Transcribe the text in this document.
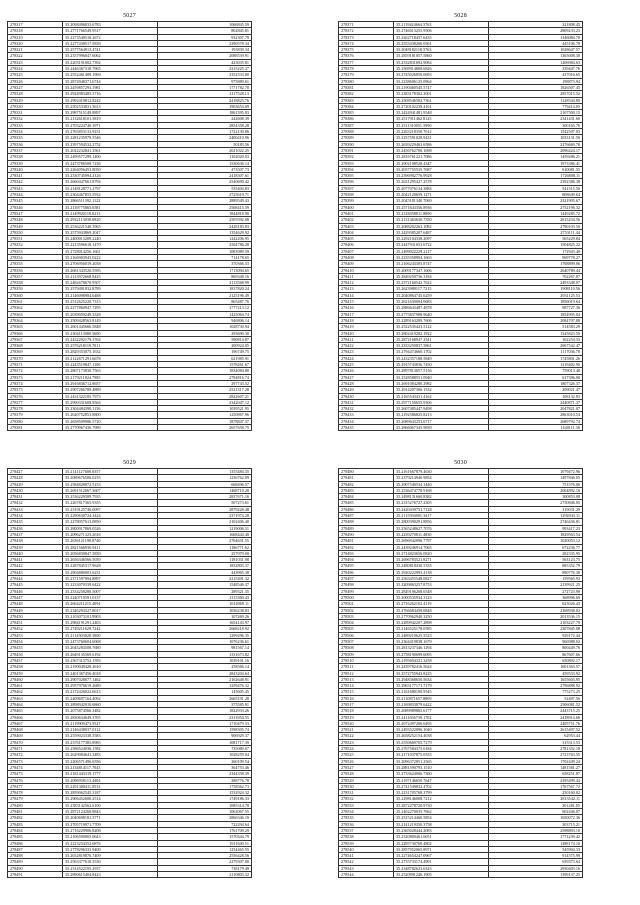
5027
278317	35.2098496833.6783	1066845.59
278318	35.2771766549.9517	802845.81
278319	35.2273540518.2672	932307.79
278320	35.2277438517.5839	2290578.34
278321	35.2577564913.4741	193839.34
278322	35.2357996047.6062	2088539.91
278323	35.2203191002.7392	423035.81
278324	35.2446367318.7965	2315225.37
278325	35.2552461489.1969	2352533.80
278326	35.2874948371.6744	975889.61
278327	35.2459857293.1981	1771782.70
278328	35.2924983485.3716	2117528.13
278329	35.2992419812.8242	2418825.76
278330	35.2502533831.3613	1903654.09
278331	35.2987515149.8897	1861595.03
278332	35.2132618101.3819	242608.39
278333	35.2703224740.3971	2854358.28
278334	35.2765853133.9231	1722130.86
278335	35.2281235979.5546	2400410.96
278336	35.2397594532.2752	50183.56
278337	35.2022232841.3561	2021022.25
278338	35.2499577299.1400	1102020.03
278339	35.2473786508.7236	1530636.14
278340	35.2264056453.8050	473507.73
278341	35.2330745994.2126	2418307.61
278342	35.2660447661.8794	2540690.42
278343	35.2148128771.2797	535404.83
278344	35.2304467855.5932	2725619.71
278345	35.2866511392.1122	2889549.43
278346	35.2139775865.6581	2568415.59
278347	35.2149920118.0213	1844818.90
278348	35.2932113038.6920	2505592.08
278349	35.2536221540.3965	2428183.93
278350	35.2575943869.2047	1354629.92
278351	35.2400013209.2240	1242206.95
278352	35.2213596618.1470	2504786.28
278353	35.2728014256.1661	1083989.59
278354	35.2166903943.0222	714178.65
278355	35.2706956019.2038	370366.33
278356	35.2681343520.5595	1713094.65
278357	35.2123972668.8425	869348.16
278358	35.2482678670.9507	2113568.99
278359	35.2579491832.8789	1837820.24
278360	35.2146098984.6488	2125196.49
278361	35.2512625220.7315	865487.76
278362	35.2277860947.7295	1777213.12
278363	35.2039059249.3328	1425064.74
278364	35.2509428563.8149	946806.14
278365	35.2601445666.5848	1028730.94
278366	35.2304113980.5600	293690.30
278367	35.2432292179.3764	590814.87
278368	35.2576218119.7011	200924.05
278369	35.2829353075.1632	196749.75
278370	35.2122671291.6678	621985.91
278371	35.2243519847.1106	1578261.67
278372	35.2867173830.7563	1834084.80
278373	35.2179211824.7985	2794816.74
278374	35.2916836712.8657	297743.52
278375	35.2907266789.4889	2521317.28
278376	35.2431322185.7973	2822607.21
278377	35.2990331608.9564	2342047.12
278378	35.2304484390.1156	1039521.95
278379	35.2620752853.8800	1250867.96
278380	35.2658509986.5720	1878847.37
278381	35.2770967430.7989	2657658.75
5028
278371	35.2119424664.5763	321808.45
278372	35.2746013255.9506	2809233.23
278373	35.2262718437.6435	1346084.70
278374	35.2553438260.0561	445106.79
278375	35.2048182118.5763	1028647.57
278376	35.2859181057.5860	1365008.30
278377	35.2532831692.9084	1206984.63
278378	35.2569914808.6826	339447.76
278379	35.2745026859.0693	437016.65
278380	35.2238606125.0964	198873.94
278381	35.2190460545.5747	1826507.45
278382	35.2383178362.2001	2857015.52
278383	35.2508546582.7361	1128544.80
278384	35.2720102239.4161	779414.05
278385	35.2424941481.9548	2107500.15
278386	35.2517911462.8125	2341431.60
278387	35.2511310051.5990	300165.76
278388	35.2263218350.7612	1542507.03
278389	35.2257591028.9431	1033131.50
278390	35.2639229463.6586	2276669.78
278391	35.2456762700.1698	2096424.17
278392	35.2816761221.7086	1459286.21
278393	35.2902108528.4347	1973386.41
278394	35.2057755535.7687	610081.55
278395	35.2396982776.9928	1726808.11
278396	35.2631295427.2578	2392386.38
278397	35.2077076134.3884	541315.50
278398	35.2042120659.1271	808649.64
278399	35.2045181340.7069	2321995.67
278400	35.2571643356.8936	2752196.32
278401	35.2318458811.8890	1449285.72
278402	35.2131463630.7350	2615234.56
278403	35.2088202263.1082	2790103.50
278404	35.2429385207.6487	2753111.44
278405	35.2292104338.2097	565229.84
278406	35.2447931053.6722	1504825.22
278407	35.2499022229.2127	172943.40
278408	35.2235358994.1663	969778.27
278409	35.2106243305.8747	1768899.06
278410	35.2009177347.1606	2640789.44
278411	35.2849250736.3184	702267.87
278412	35.2572160542.7622	2493348.07
278413	35.2623989117.7215	1908110.56
278414	35.2040864745.6259	2931125.53
278415	35.2621630094.0683	1856019.64
278416	35.2886643487.4878	987727.36
278417	35.2775837988.9640	1854995.04
278418	35.2289163289.7606	2084707.88
278419	35.2522535423.5122	514583.29
278420	35.2802419282.1922	1345823.50
278421	35.2872168947.2541	162254.33
278422	35.2333250837.5861	2067542.47
278423	35.2794474660.1702	1117036.78
278424	35.2432357188.5849	1745801.26
278425	35.2915743836.7450	1219402.90
278426	35.2897813057.5156	759013.48
278427	35.2528588551.0940	617396.00
278428	35.2691084280.2982	1807326.37
278429	35.2914207306.1532	209021.47
278430	35.2165543431.4162	108132.83
278431	35.2977150655.9306	2440871.37
278432	35.2607485447.9498	2047821.07
278433	35.2192586825.8213	2863010.54
278434	35.2089643253.6717	2689792.74
278435	35.2866067345.9839	1440111.36
5029
278427	35.2141127600.6557	1355484.35
278428	35.2089676506.0235	1236762.09
278429	35.2584828872.5153	668496.57
278430	35.2691512067.3607	1468710.28
278431	35.2536229589.7935	2837671.16
278432	35.2267817365.9355	507273.61
278433	35.2319125740.0097	2879228.48
278434	35.2290630724.3424	2371974.28
278435	35.2278057613.0850	2102406.40
278436	35.2800917869.0526	1219006.51
278437	35.2096271323.2616	1668444.40
278438	35.2636121198.8740	2764631.55
278439	35.2821566936.9411	1186771.62
278440	35.2056839847.5839	257979.00
278441	35.2656346566.5039	1181031.98
278442	35.2287845317.9628	1832803.37
278443	35.2904880003.6231	443965.38
278444	35.2371597094.8897	2215491.32
278445	35.2233070339.6422	1548546.37
278446	35.2334258280.5007	289321.35
278447	35.2240719591.0137	1315360.43
278448	35.2664211215.4094	1614969.11
278449	35.2346294327.8017	1036238.83
278450	35.2103073101.9903	107269.26
278451	35.2984191291.2463	1654143.97
278452	35.2749211629.7242	2668218.92
278453	35.2114503028.3900	1299296.35
278454	35.2473760604.6068	1076236.61
278455	35.2045283508.7680	981567.14
278456	35.2649135569.6192	1331673.82
278457	35.2567313752.1593	1039101.16
278458	35.2190049428.2610	258566.14
278459	35.2401367456.4018	2843204.64
278460	35.2907028077.1462	2162648.91
278461	35.2957976619.2689	1259476.32
278462	35.2172426022.6613	145605.45
278463	35.2409697164.4092	2665191.28
278464	35.2898942010.6860	375585.91
278465	35.2075874566.3482	1822933.26
278466	35.2830634649.3765	2313954.55
278467	35.2119909473.5527	1710479.53
278468	35.2146438037.0112	1598305.74
278469	35.2559023338.5583	906929.37
278470	35.2376177385.8985	1081717.39
278471	35.2586524036.1582	735089.07
278472	35.2629084641.3483	1028259.04
278473	35.2206571496.6556	260109.54
278474	35.2134814117.7043	364753.46
278475	35.2181443319.1777	2344358.39
278476	35.2096958113.4404	288776.78
278477	35.2291300411.0532	1758562.73
278478	35.2859062545.3187	1532924.32
278479	35.2906452600.2514	1749186.33
278480	35.2383142562.6100	1085314.78
278481	35.2872124268.8843	1062067.55
278482	35.2040698181.3771	2866346.19
278483	35.2705719971.7709	722294.64
278484	35.2716229906.8208	1761709.29
278485	35.2106590065.0643	1570344.79
278486	35.2223254352.6876	1911640.51
278487	35.2778296333.9409	1254465.55
278488	35.2032819876.7409	2556428.56
278489	35.2563377610.3530	2279307.00
278490	35.2314522195.2937	738179.49
278491	35.2890615404.8423	2110803.32
5030
278480	35.2161667879.4630	1079472.96
278481	35.2379214940.9854	1497846.05
278482	35.2907540534.1440	751576.06
278483	35.2536474778.9168	2004892.16
278484	35.2498131660.8382	300853.08
278485	35.2315276727.2305	2750846.05
278486	35.2420439751.7128	319031.29
278487	35.2115594001.3417	1292043.11
278488	35.2800390291.8856	2746436.81
278489	35.2565248627.7076	993417.23
278490	35.2239270811.4830	1829563.54
278491	35.2696942096.7797	1020053.12
278492	35.2439246914.7065	672236.77
278493	35.2714823656.0820	282335.95
278494	35.2696783521.8271	563123.75
278495	35.2480818430.5335	885352.79
278496	35.2920222993.4138	890776.30
278497	35.2563455548.0827	159565.93
278498	35.2209863257.8753	2139921.25
278499	35.2849196268.6548	272723.90
278500	35.2000535934.3123	368996.69
278501	35.2716262102.4119	623026.43
278502	35.2766684458.6848	2168938.02
278503	35.2770962940.3250	2013536.15
278504	35.2289942207.2898	2103227.79
278505	35.2146525178.0585	2307845.08
278506	35.2489210625.5523	929172.44
278507	35.2364419838.1679	966988.02
278508	35.2813237346.1294	800449.76
278509	35.2758190699.6095	867607.66
278510	35.2195694321.3258	650892.17
278511	35.2459782416.5624	1601363.57
278512	35.2572755943.8225	459533.92
278513	35.2948368650.5634	1655603.95
278514	35.2963177171.7179	2796888.92
278515	35.2161680190.9545	775273.25
278516	35.2110871657.8809	52497.56
278517	35.2169833079.6422	2506081.52
278518	35.2689989865.6177	2443715.25
278519	35.2411656739.1702	2418914.68
278520	35.2072497206.6495	2405751.76
278521	35.2493522096.1040	2615497.52
278522	35.2658252154.4038	62953.44
278523	35.2550669705.7279	315313.53
278524	35.2767584375.6184	2781352.18
278525	35.2171037875.0555	2723763.55
278526	35.2096372851.2565	1702449.24
278527	35.2881590793.1510	1481581.27
278528	35.2733624006.7360	658251.87
278529	35.2197146650.7647	2395499.44
278530	35.2741549832.4702	1767567.72
278531	35.2231705768.2799	250160.02
278532	35.2298146008.7212	2813542.11
278533	35.2872278720.9730	201281.05
278534	35.2402270035.7662	602446.07
278535	35.2515214460.5854	1650072.36
278536	35.2141219350.3758	303715.21
278537	35.2365028444.2083	2598893.10
278538	35.2520809461.6051	1771239.42
278539	35.2295730760.4802	1288174.10
278540	35.2857952065.8971	545904.33
278541	35.2274654247.0967	914575.99
278542	35.2735733174.4991	639373.64
278543	35.2348782623.6323	2930403.16
278544	35.2520991246.1905	1399137.25
